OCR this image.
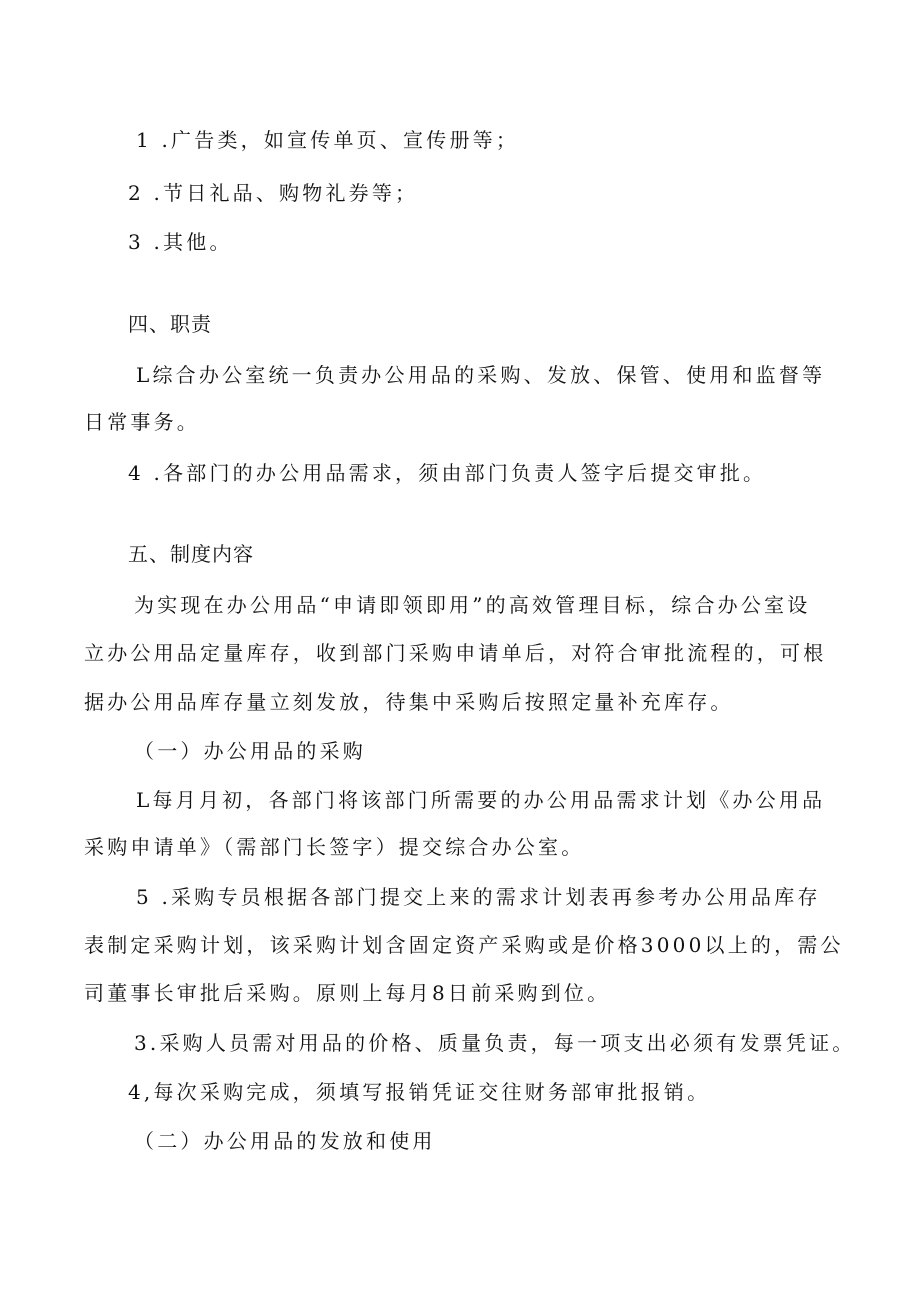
1 .广告类，如宣传单页、宣传册等；
2 .节日礼品、购物礼券等；
3 .其他。
四、职责
L综合办公室统一负责办公用品的采购、发放、保管、使用和监督等
日常事务。
4 .各部门的办公用品需求，须由部门负责人签字后提交审批。
五、制度内容
为实现在办公用品“申请即领即用”的高效管理目标，综合办公室设
立办公用品定量库存，收到部门采购申请单后，对符合审批流程的，可根
据办公用品库存量立刻发放，待集中采购后按照定量补充库存。
（一）办公用品的采购
L每月月初，各部门将该部门所需要的办公用品需求计划《办公用品
采购申请单》（需部门长签字）提交综合办公室。
5 .采购专员根据各部门提交上来的需求计划表再参考办公用品库存
表制定采购计划，该采购计划含固定资产采购或是价格3000以上的，需公
司董事长审批后采购。原则上每月8日前采购到位。
3.采购人员需对用品的价格、质量负责，每一项支出必须有发票凭证。
4,每次采购完成，须填写报销凭证交往财务部审批报销。
（二）办公用品的发放和使用
